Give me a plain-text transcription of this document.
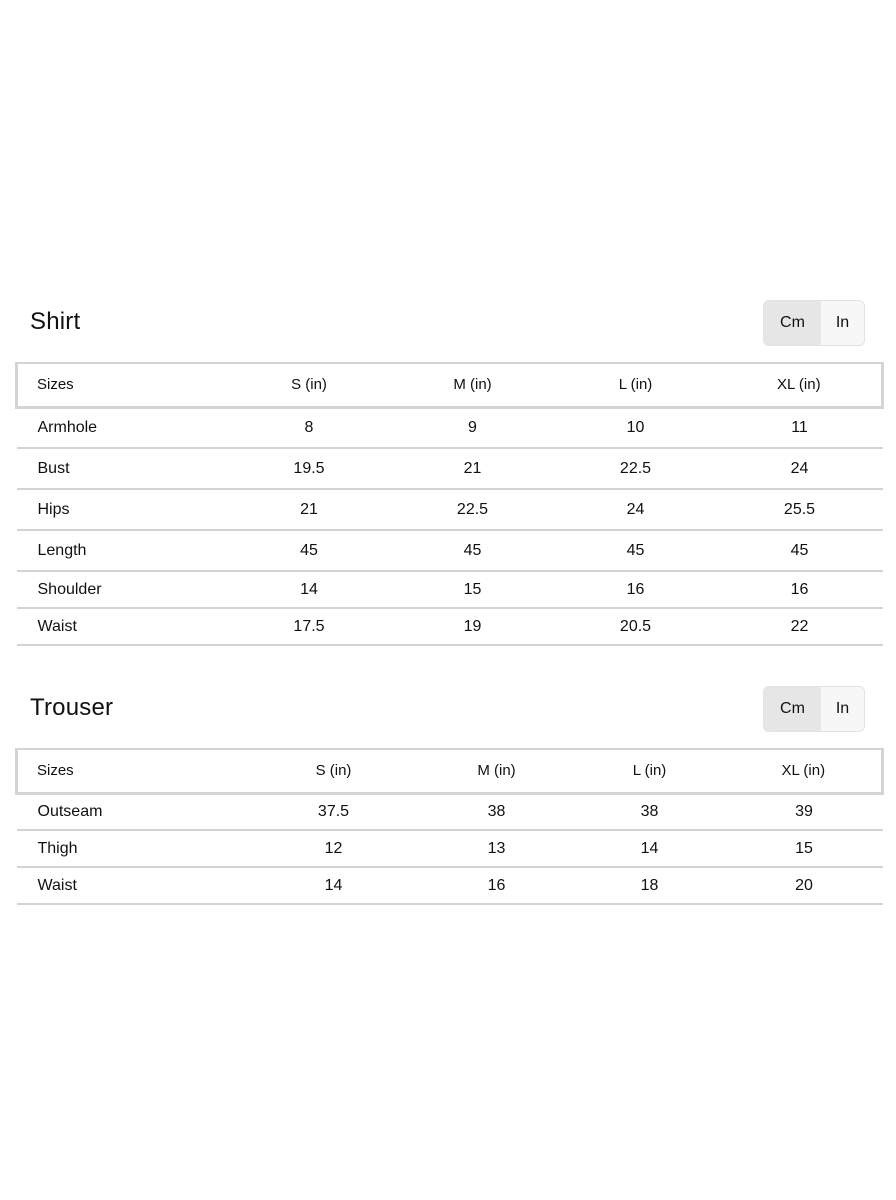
Shirt	Cm	In
Sizes	S (in)	M (in)	L (in)	XL (in)
Armhole	8	9	10	11
Bust	19.5	21	22.5	24
Hips	21	22.5	24	25.5
Length	45	45	45	45
Shoulder	14	15	16	16
Waist	17.5	19	20.5	22
Trouser	Cm	In
Sizes	S (in)	M (in)	L (in)	XL (in)
Outseam	37.5	38	38	39
Thigh	12	13	14	15
Waist	14	16	18	20
